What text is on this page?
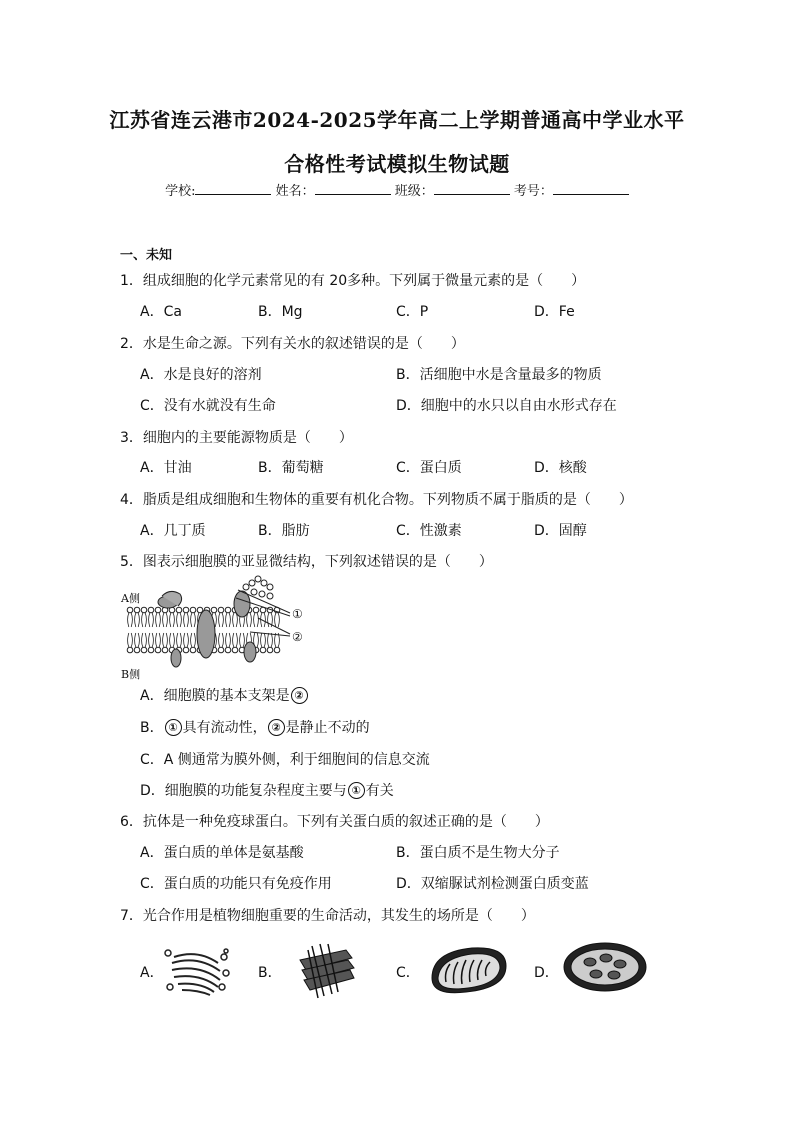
江苏省连云港市2024-2025学年高二上学期普通高中学业水平
合格性考试模拟生物试题
学校:	姓名：	班级：	考号：
一、未知
1．组成细胞的化学元素常见的有 20多种。下列属于微量元素的是（　　）
A．Ca	B．Mg	C．P	D．Fe
2．水是生命之源。下列有关水的叙述错误的是（　　）
A．水是良好的溶剂	B．活细胞中水是含量最多的物质
C．没有水就没有生命	D．细胞中的水只以自由水形式存在
3．细胞内的主要能源物质是（　　）
A．甘油	B．葡萄糖	C．蛋白质	D．核酸
4．脂质是组成细胞和生物体的重要有机化合物。下列物质不属于脂质的是（　　）
A．几丁质	B．脂肪	C．性激素	D．固醇
5．图表示细胞膜的亚显微结构，下列叙述错误的是（　　）
A侧
B侧
①
②
A．细胞膜的基本支架是 ②
B． ① 具有流动性， ② 是静止不动的
C．A 侧通常为膜外侧，利于细胞间的信息交流
D．细胞膜的功能复杂程度主要与 ① 有关
6．抗体是一种免疫球蛋白。下列有关蛋白质的叙述正确的是（　　）
A．蛋白质的单体是氨基酸	B．蛋白质不是生物大分子
C．蛋白质的功能只有免疫作用	D．双缩脲试剂检测蛋白质变蓝
7．光合作用是植物细胞重要的生命活动，其发生的场所是（　　）
A．	B．	C．	D．
